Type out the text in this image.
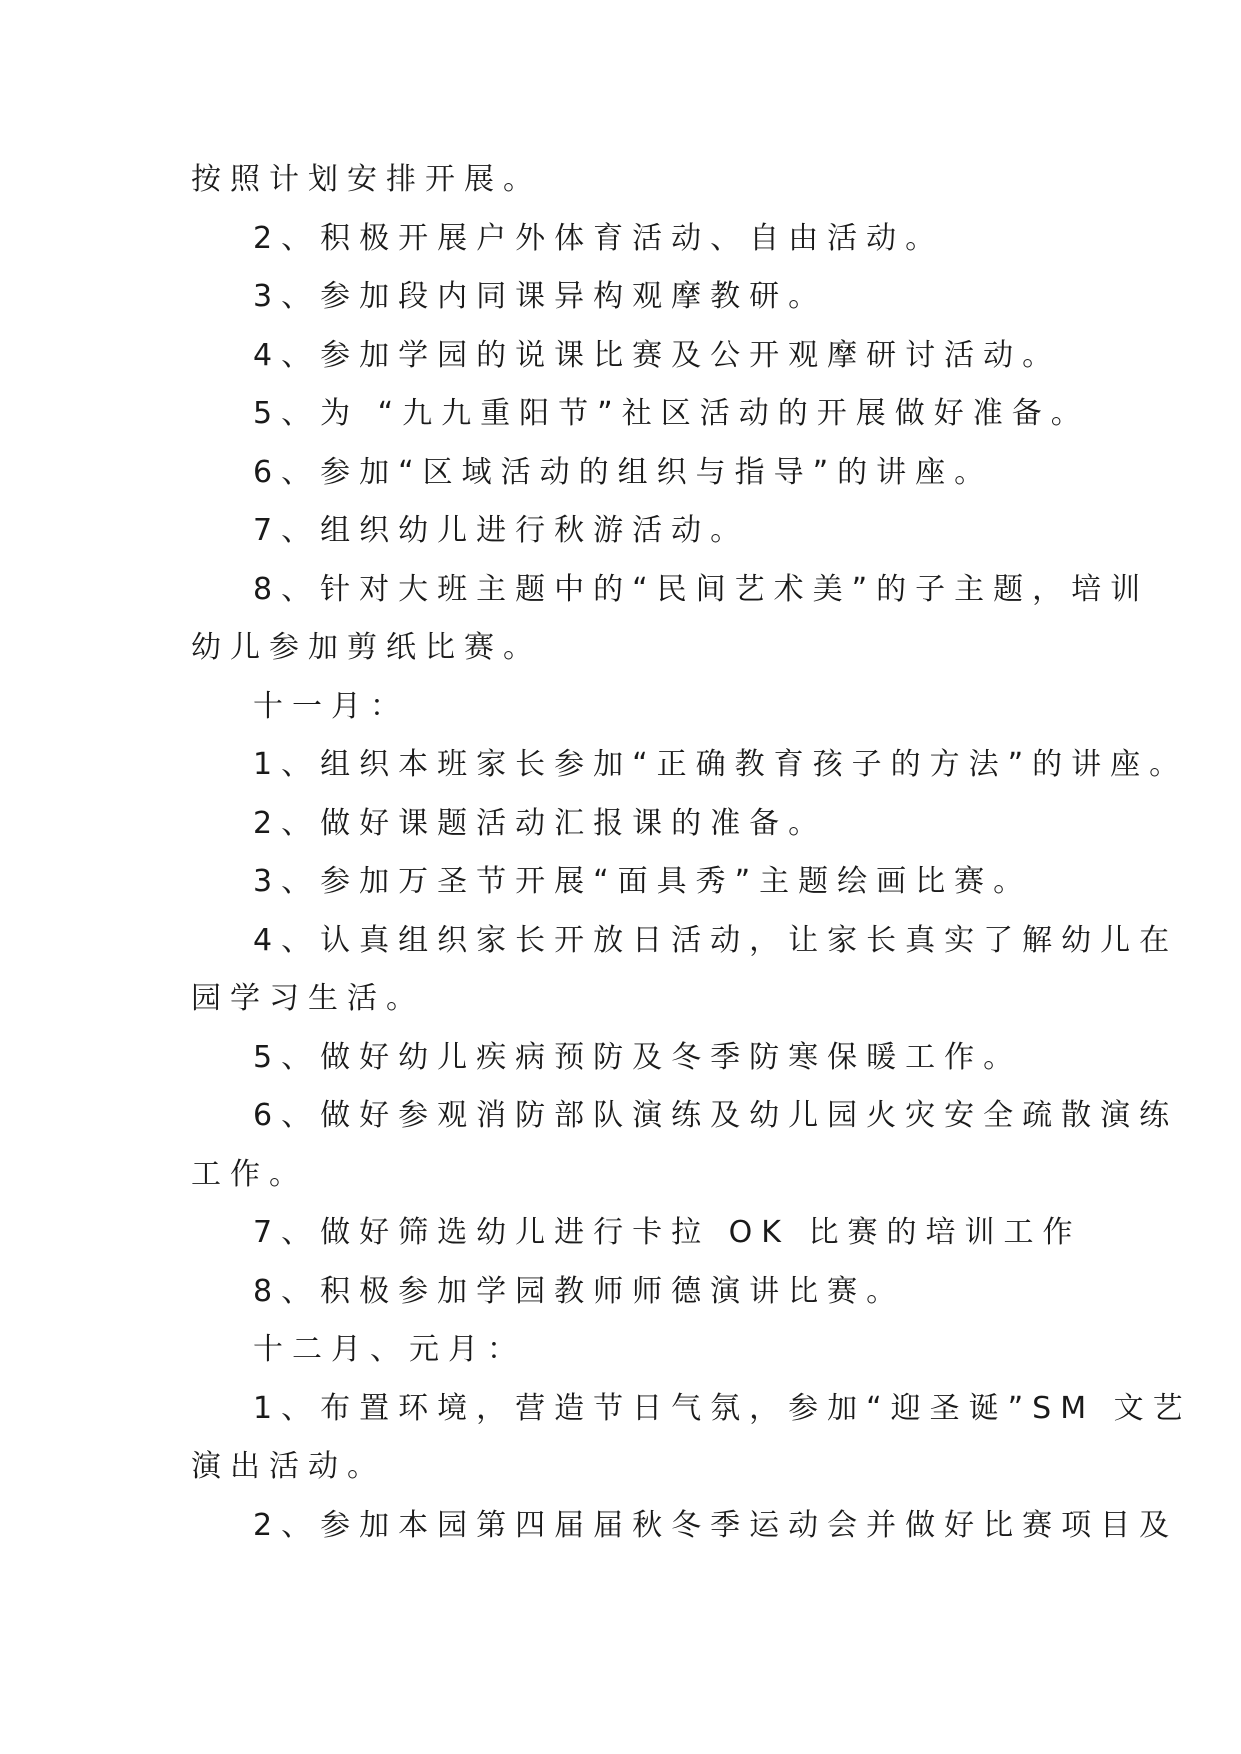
按照计划安排开展。
2、积极开展户外体育活动、自由活动。
3、参加段内同课异构观摩教研。
4、参加学园的说课比赛及公开观摩研讨活动。
5、为 “九九重阳节”社区活动的开展做好准备。
6、参加“区域活动的组织与指导”的讲座。
7、组织幼儿进行秋游活动。
8、针对大班主题中的“民间艺术美”的子主题，培训
幼儿参加剪纸比赛。
十一月：
1、组织本班家长参加“正确教育孩子的方法”的讲座。
2、做好课题活动汇报课的准备。
3、参加万圣节开展“面具秀”主题绘画比赛。
4、认真组织家长开放日活动，让家长真实了解幼儿在
园学习生活。
5、做好幼儿疾病预防及冬季防寒保暖工作。
6、做好参观消防部队演练及幼儿园火灾安全疏散演练
工作。
7、做好筛选幼儿进行卡拉 OK 比赛的培训工作
8、积极参加学园教师师德演讲比赛。
十二月、元月：
1、布置环境，营造节日气氛，参加“迎圣诞”SM 文艺
演出活动。
2、参加本园第四届届秋冬季运动会并做好比赛项目及
